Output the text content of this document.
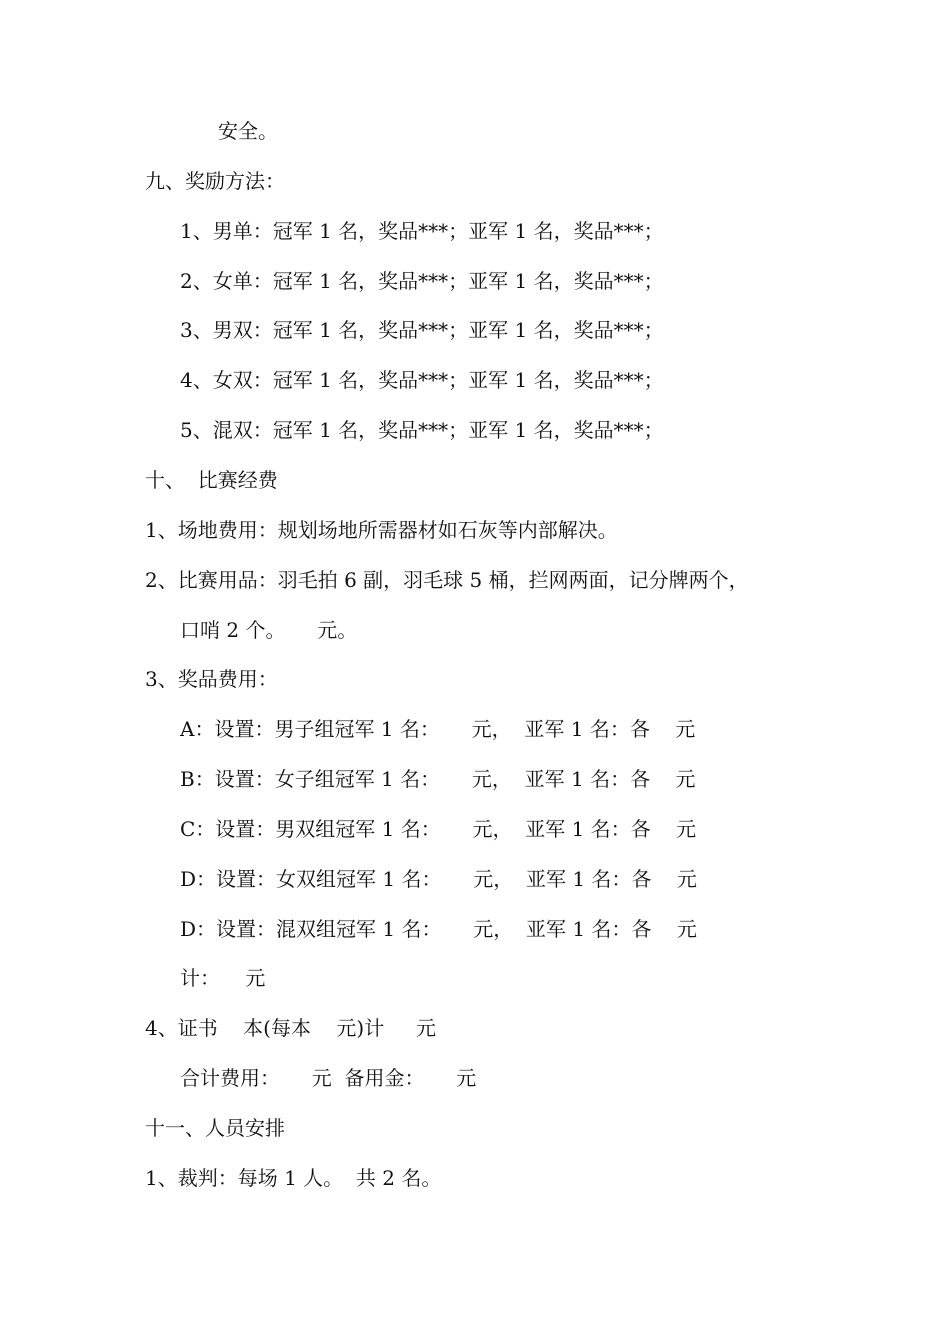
安全。
九、奖励方法：
1、男单：冠军 1 名，奖品***；亚军 1 名，奖品***；
2、女单：冠军 1 名，奖品***；亚军 1 名，奖品***；
3、男双：冠军 1 名，奖品***；亚军 1 名，奖品***；
4、女双：冠军 1 名，奖品***；亚军 1 名，奖品***；
5、混双：冠军 1 名，奖品***；亚军 1 名，奖品***；
十、  比赛经费
1、场地费用：规划场地所需器材如石灰等内部解决。
2、比赛用品：羽毛拍 6 副，羽毛球 5 桶，拦网两面，记分牌两个，
口哨 2 个。     元。
3、奖品费用：
A：设置：男子组冠军 1 名：     元，  亚军 1 名：各    元
B：设置：女子组冠军 1 名：     元，  亚军 1 名：各    元
C：设置：男双组冠军 1 名：     元，  亚军 1 名：各    元
D：设置：女双组冠军 1 名：     元，  亚军 1 名：各    元
D：设置：混双组冠军 1 名：     元，  亚军 1 名：各    元
计：    元
4、证书    本(每本    元)计     元
合计费用：     元  备用金：     元
十一、人员安排
1、裁判：每场 1 人。  共 2 名。
